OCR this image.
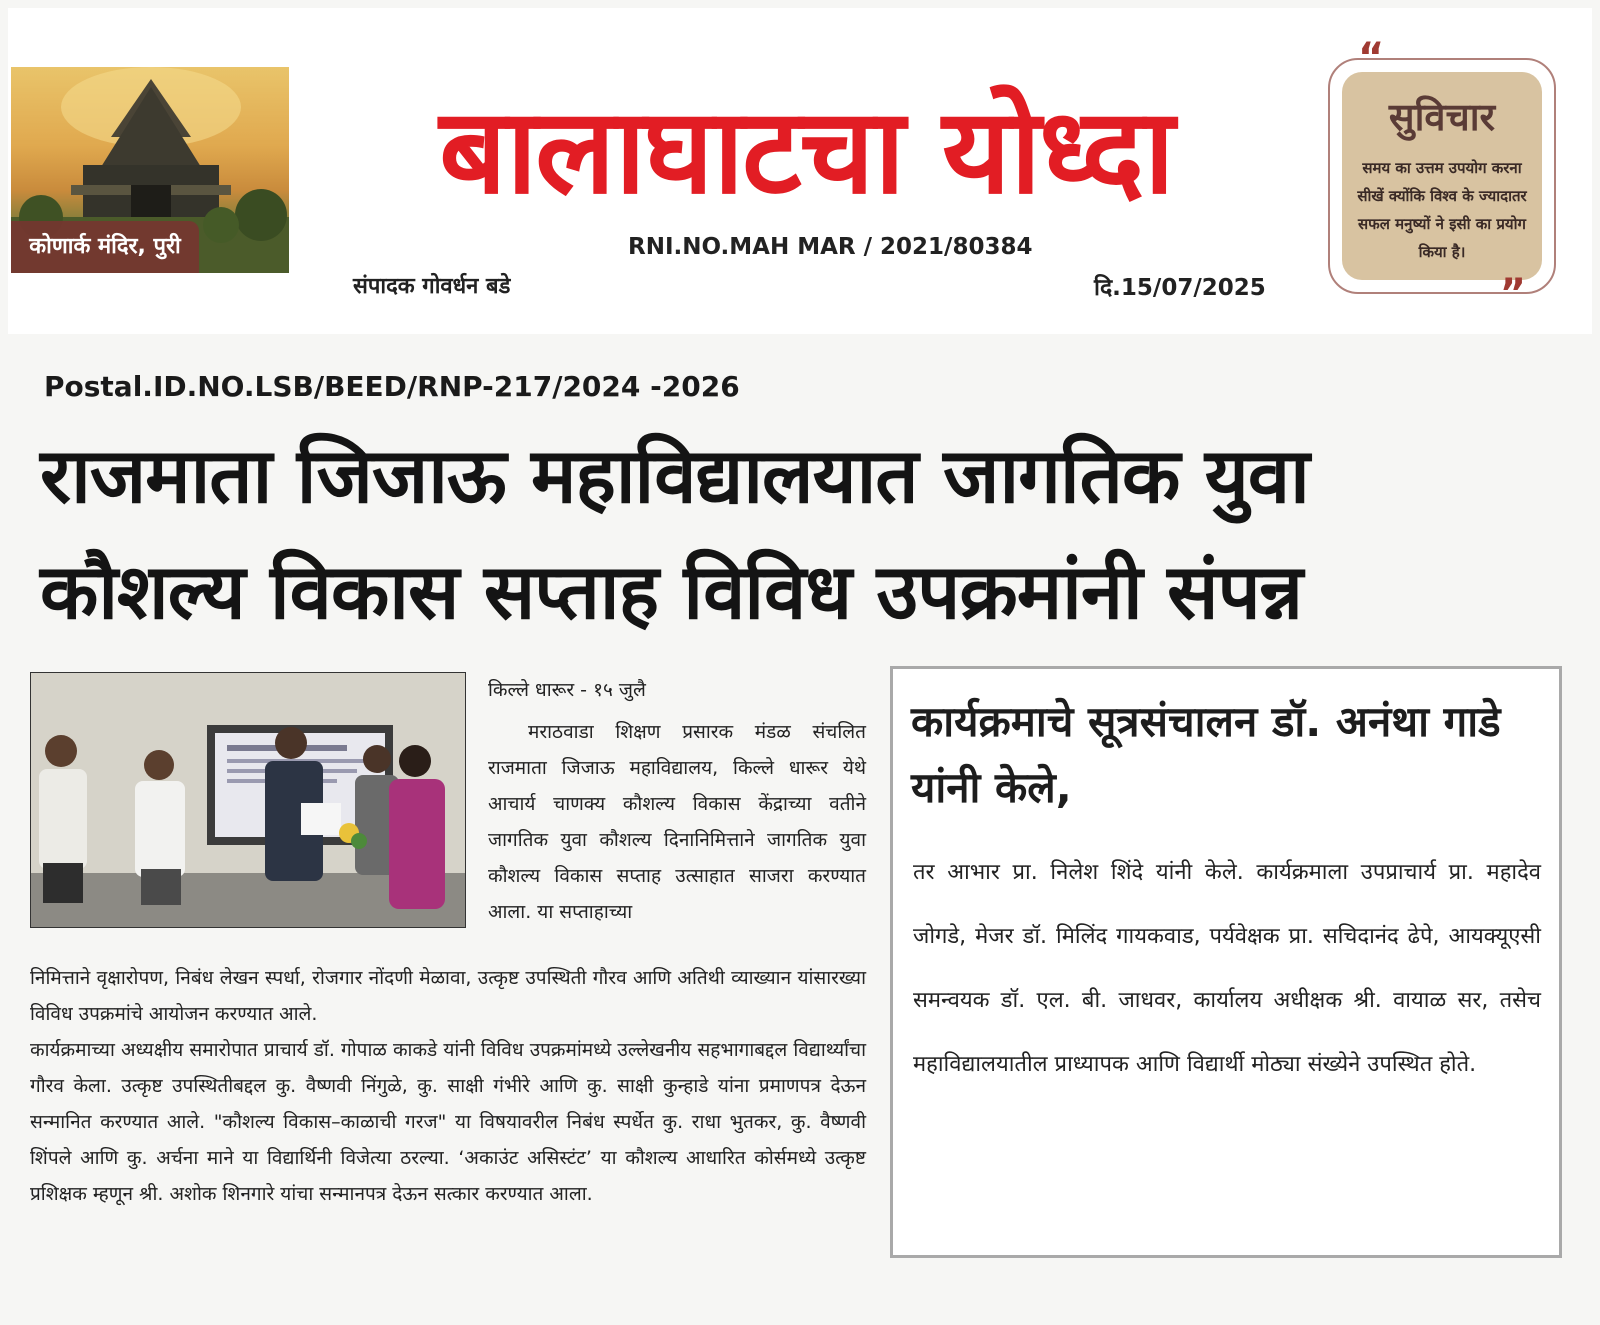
कोणार्क मंदिर, पुरी
बालाघाटचा योध्दा
RNI.NO.MAH MAR / 2021/80384
संपादक गोवर्धन बडे	दि.15/07/2025
सुविचार
समय का उत्तम उपयोग करना सीखें क्योंकि विश्व के ज्यादातर सफल मनुष्यों ने इसी का प्रयोग किया है।
“
”
Postal.ID.NO.LSB/BEED/RNP-217/2024 -2026
राजमाता जिजाऊ महाविद्यालयात जागतिक युवा
कौशल्य विकास सप्ताह विविध उपक्रमांनी संपन्न
किल्ले धारूर - १५ जुलै
मराठवाडा शिक्षण प्रसारक मंडळ संचलित राजमाता जिजाऊ महाविद्यालय, किल्ले धारूर येथे आचार्य चाणक्य कौशल्य विकास केंद्राच्या वतीने जागतिक युवा कौशल्य दिनानिमित्ताने जागतिक युवा कौशल्य विकास सप्ताह उत्साहात साजरा करण्यात आला. या सप्ताहाच्या

निमित्ताने वृक्षारोपण, निबंध लेखन स्पर्धा, रोजगार नोंदणी मेळावा, उत्कृष्ट उपस्थिती गौरव आणि अतिथी व्याख्यान यांसारख्या विविध उपक्रमांचे आयोजन करण्यात आले.

कार्यक्रमाच्या अध्यक्षीय समारोपात प्राचार्य डॉ. गोपाळ काकडे यांनी विविध उपक्रमांमध्ये उल्लेखनीय सहभागाबद्दल विद्यार्थ्यांचा गौरव केला. उत्कृष्ट उपस्थितीबद्दल कु. वैष्णवी निंगुळे, कु. साक्षी गंभीरे आणि कु. साक्षी कुन्हाडे यांना प्रमाणपत्र देऊन सन्मानित करण्यात आले. "कौशल्य विकास–काळाची गरज" या विषयावरील निबंध स्पर्धेत कु. राधा भुतकर, कु. वैष्णवी शिंपले आणि कु. अर्चना माने या विद्यार्थिनी विजेत्या ठरल्या. ‘अकाउंट असिस्टंट’ या कौशल्य आधारित कोर्समध्ये उत्कृष्ट प्रशिक्षक म्हणून श्री. अशोक शिनगारे यांचा सन्मानपत्र देऊन सत्कार करण्यात आला.

कार्यक्रमाचे सूत्रसंचालन डॉ. अनंथा गाडे यांनी केले,
तर आभार प्रा. निलेश शिंदे यांनी केले. कार्यक्रमाला उपप्राचार्य प्रा. महादेव जोगडे, मेजर डॉ. मिलिंद गायकवाड, पर्यवेक्षक प्रा. सचिदानंद ढेपे, आयक्यूएसी समन्वयक डॉ. एल. बी. जाधवर, कार्यालय अधीक्षक श्री. वायाळ सर, तसेच महाविद्यालयातील प्राध्यापक आणि विद्यार्थी मोठ्या संख्येने उपस्थित होते.
